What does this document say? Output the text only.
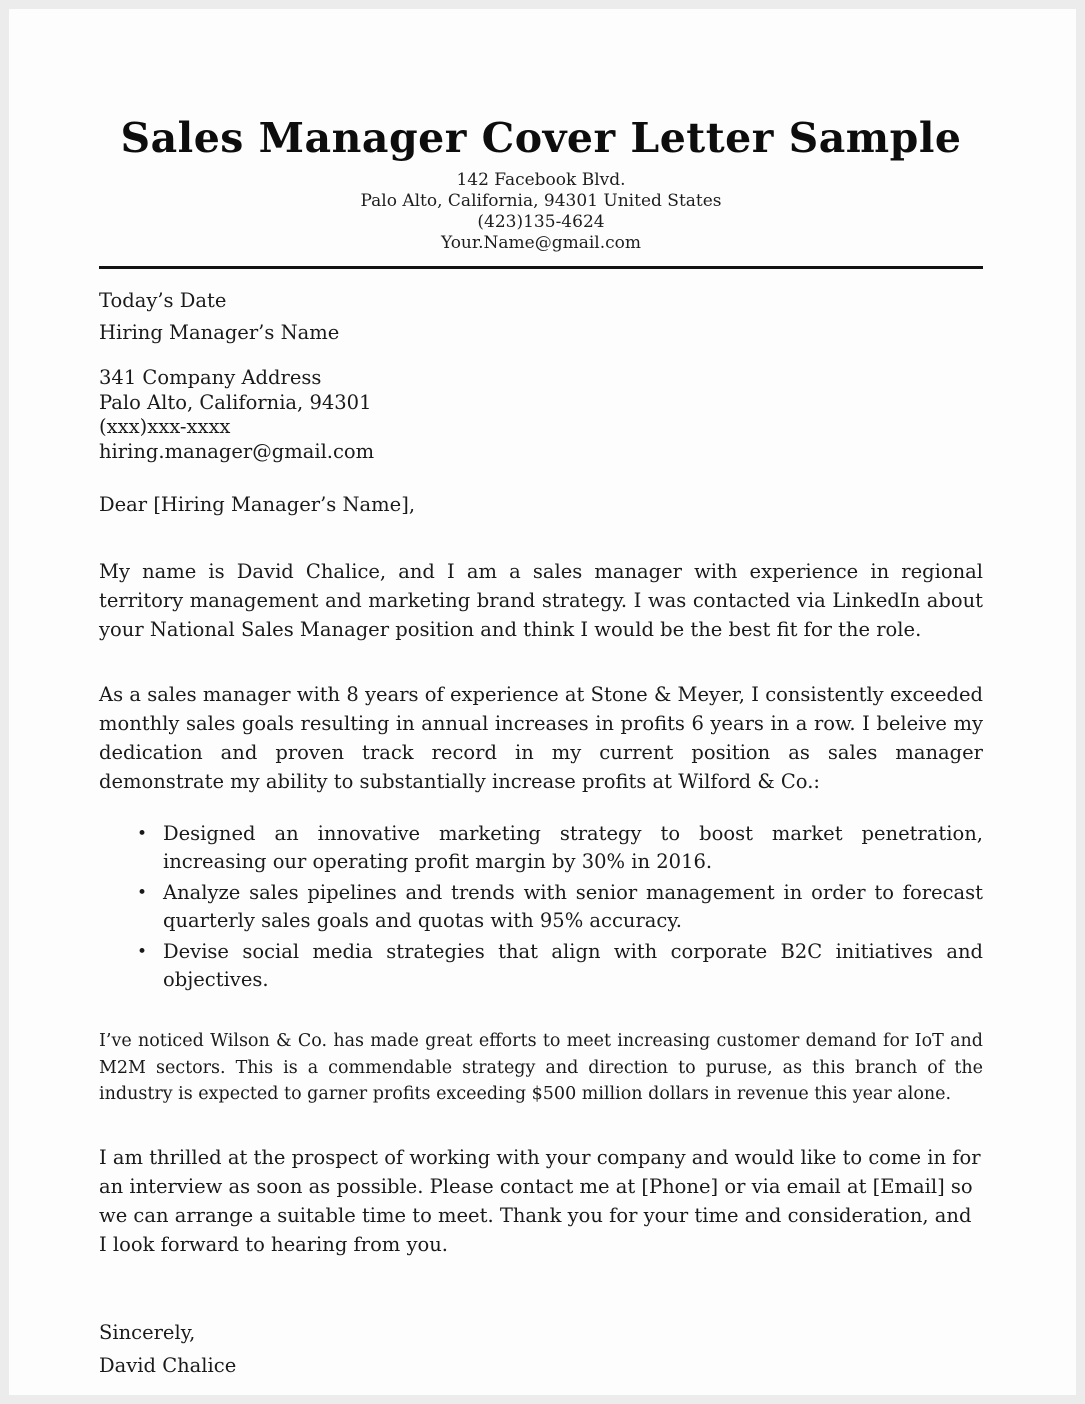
Sales Manager Cover Letter Sample
142 Facebook Blvd.
Palo Alto, California, 94301 United States
(423)135-4624
Your.Name@gmail.com
Today’s Date
Hiring Manager’s Name
341 Company Address
Palo Alto, California, 94301
(xxx)xxx-xxxx
hiring.manager@gmail.com
Dear [Hiring Manager’s Name],

My name is David Chalice, and I am a sales manager with experience in regional territory management and marketing brand strategy. I was contacted via LinkedIn about your National Sales Manager position and think I would be the best fit for the role.

As a sales manager with 8 years of experience at Stone & Meyer, I consistently exceeded monthly sales goals resulting in annual increases in profits 6 years in a row. I beleive my dedication and proven track record in my current position as sales manager demonstrate my ability to substantially increase profits at Wilford & Co.:

• Designed an innovative marketing strategy to boost market penetration, increasing our operating profit margin by 30% in 2016.
• Analyze sales pipelines and trends with senior management in order to forecast quarterly sales goals and quotas with 95% accuracy.
• Devise social media strategies that align with corporate B2C initiatives and objectives.

I’ve noticed Wilson & Co. has made great efforts to meet increasing customer demand for IoT and M2M sectors. This is a commendable strategy and direction to puruse, as this branch of the industry is expected to garner profits exceeding $500 million dollars in revenue this year alone.

I am thrilled at the prospect of working with your company and would like to come in for an interview as soon as possible. Please contact me at [Phone] or via email at [Email] so we can arrange a suitable time to meet. Thank you for your time and consideration, and I look forward to hearing from you.

Sincerely,
David Chalice
